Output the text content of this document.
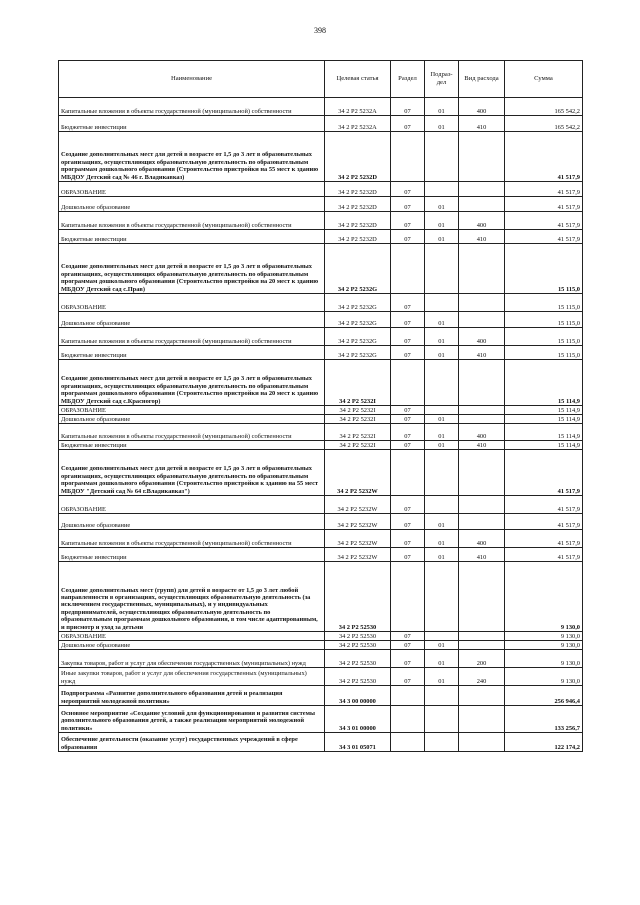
398
Наименование	Целевая статья	Раздел	Подраз-дел	Вид расхода	Сумма
Капитальные вложения в объекты государственной (муниципальной) собственности	34 2 P2 5232A	07	01	400	165 542,2
Бюджетные инвестиции	34 2 P2 5232A	07	01	410	165 542,2
Создание дополнительных мест для детей в возрасте от 1,5 до 3 лет в образовательных организациях, осуществляющих образовательную деятельность по образовательным программам дошкольного образования (Строительство пристройки на 55 мест к зданию МБДОУ Детский сад № 46 г. Владикавказ)	34 2 P2 5232D				41 517,9
ОБРАЗОВАНИЕ	34 2 P2 5232D	07			41 517,9
Дошкольное образование	34 2 P2 5232D	07	01		41 517,9
Капитальные вложения в объекты государственной (муниципальной) собственности	34 2 P2 5232D	07	01	400	41 517,9
Бюджетные инвестиции	34 2 P2 5232D	07	01	410	41 517,9
Создание дополнительных мест для детей в возрасте от 1,5 до 3 лет в образовательных организациях, осуществляющих образовательную деятельность по образовательным программам дошкольного образования (Строительство пристройки на 20 мест к зданию МБДОУ Детский сад с.Прав)	34 2 P2 5232G				15 115,0
ОБРАЗОВАНИЕ	34 2 P2 5232G	07			15 115,0
Дошкольное образование	34 2 P2 5232G	07	01		15 115,0
Капитальные вложения в объекты государственной (муниципальной) собственности	34 2 P2 5232G	07	01	400	15 115,0
Бюджетные инвестиции	34 2 P2 5232G	07	01	410	15 115,0
Создание дополнительных мест для детей в возрасте от 1,5 до 3 лет в образовательных организациях, осуществляющих образовательную деятельность по образовательным программам дошкольного образования (Строительство пристройки на 20 мест к зданию МБДОУ Детский сад с.Красногор)	34 2 P2 5232I				15 114,9
ОБРАЗОВАНИЕ	34 2 P2 5232I	07			15 114,9
Дошкольное образование	34 2 P2 5232I	07	01		15 114,9
Капитальные вложения в объекты государственной (муниципальной) собственности	34 2 P2 5232I	07	01	400	15 114,9
Бюджетные инвестиции	34 2 P2 5232I	07	01	410	15 114,9
Создание дополнительных мест для детей в возрасте от 1,5 до 3 лет в образовательных организациях, осуществляющих образовательную деятельность по образовательным программам дошкольного образования (Строительство пристройки к зданию на 55 мест МБДОУ "Детский сад № 64 г.Владикавказ")	34 2 P2 5232W				41 517,9
ОБРАЗОВАНИЕ	34 2 P2 5232W	07			41 517,9
Дошкольное образование	34 2 P2 5232W	07	01		41 517,9
Капитальные вложения в объекты государственной (муниципальной) собственности	34 2 P2 5232W	07	01	400	41 517,9
Бюджетные инвестиции	34 2 P2 5232W	07	01	410	41 517,9
Создание дополнительных мест (групп) для детей в возрасте от 1,5 до 3 лет любой направленности в организациях, осуществляющих образовательную деятельность (за исключением государственных, муниципальных), и у индивидуальных предпринимателей, осуществляющих образовательную деятельность по образовательным программам дошкольного образования, в том числе адаптированным, и присмотр и уход за детьми	34 2 P2 52530				9 130,0
ОБРАЗОВАНИЕ	34 2 P2 52530	07			9 130,0
Дошкольное образование	34 2 P2 52530	07	01		9 130,0
Закупка товаров, работ и услуг для обеспечения государственных (муниципальных) нужд	34 2 P2 52530	07	01	200	9 130,0
Иные закупки товаров, работ и услуг для обеспечения государственных (муниципальных) нужд	34 2 P2 52530	07	01	240	9 130,0
Подпрограмма «Развитие дополнительного образования детей и реализация мероприятий молодежной политики»	34 3 00 00000				256 946,4
Основное мероприятие «Создание условий для функционирования и развития системы дополнительного образования детей, а также реализации мероприятий молодежной политики»	34 3 01 00000				133 256,7
Обеспечение деятельности (оказание услуг) государственных учреждений в сфере образования	34 3 01 05071				122 174,2
